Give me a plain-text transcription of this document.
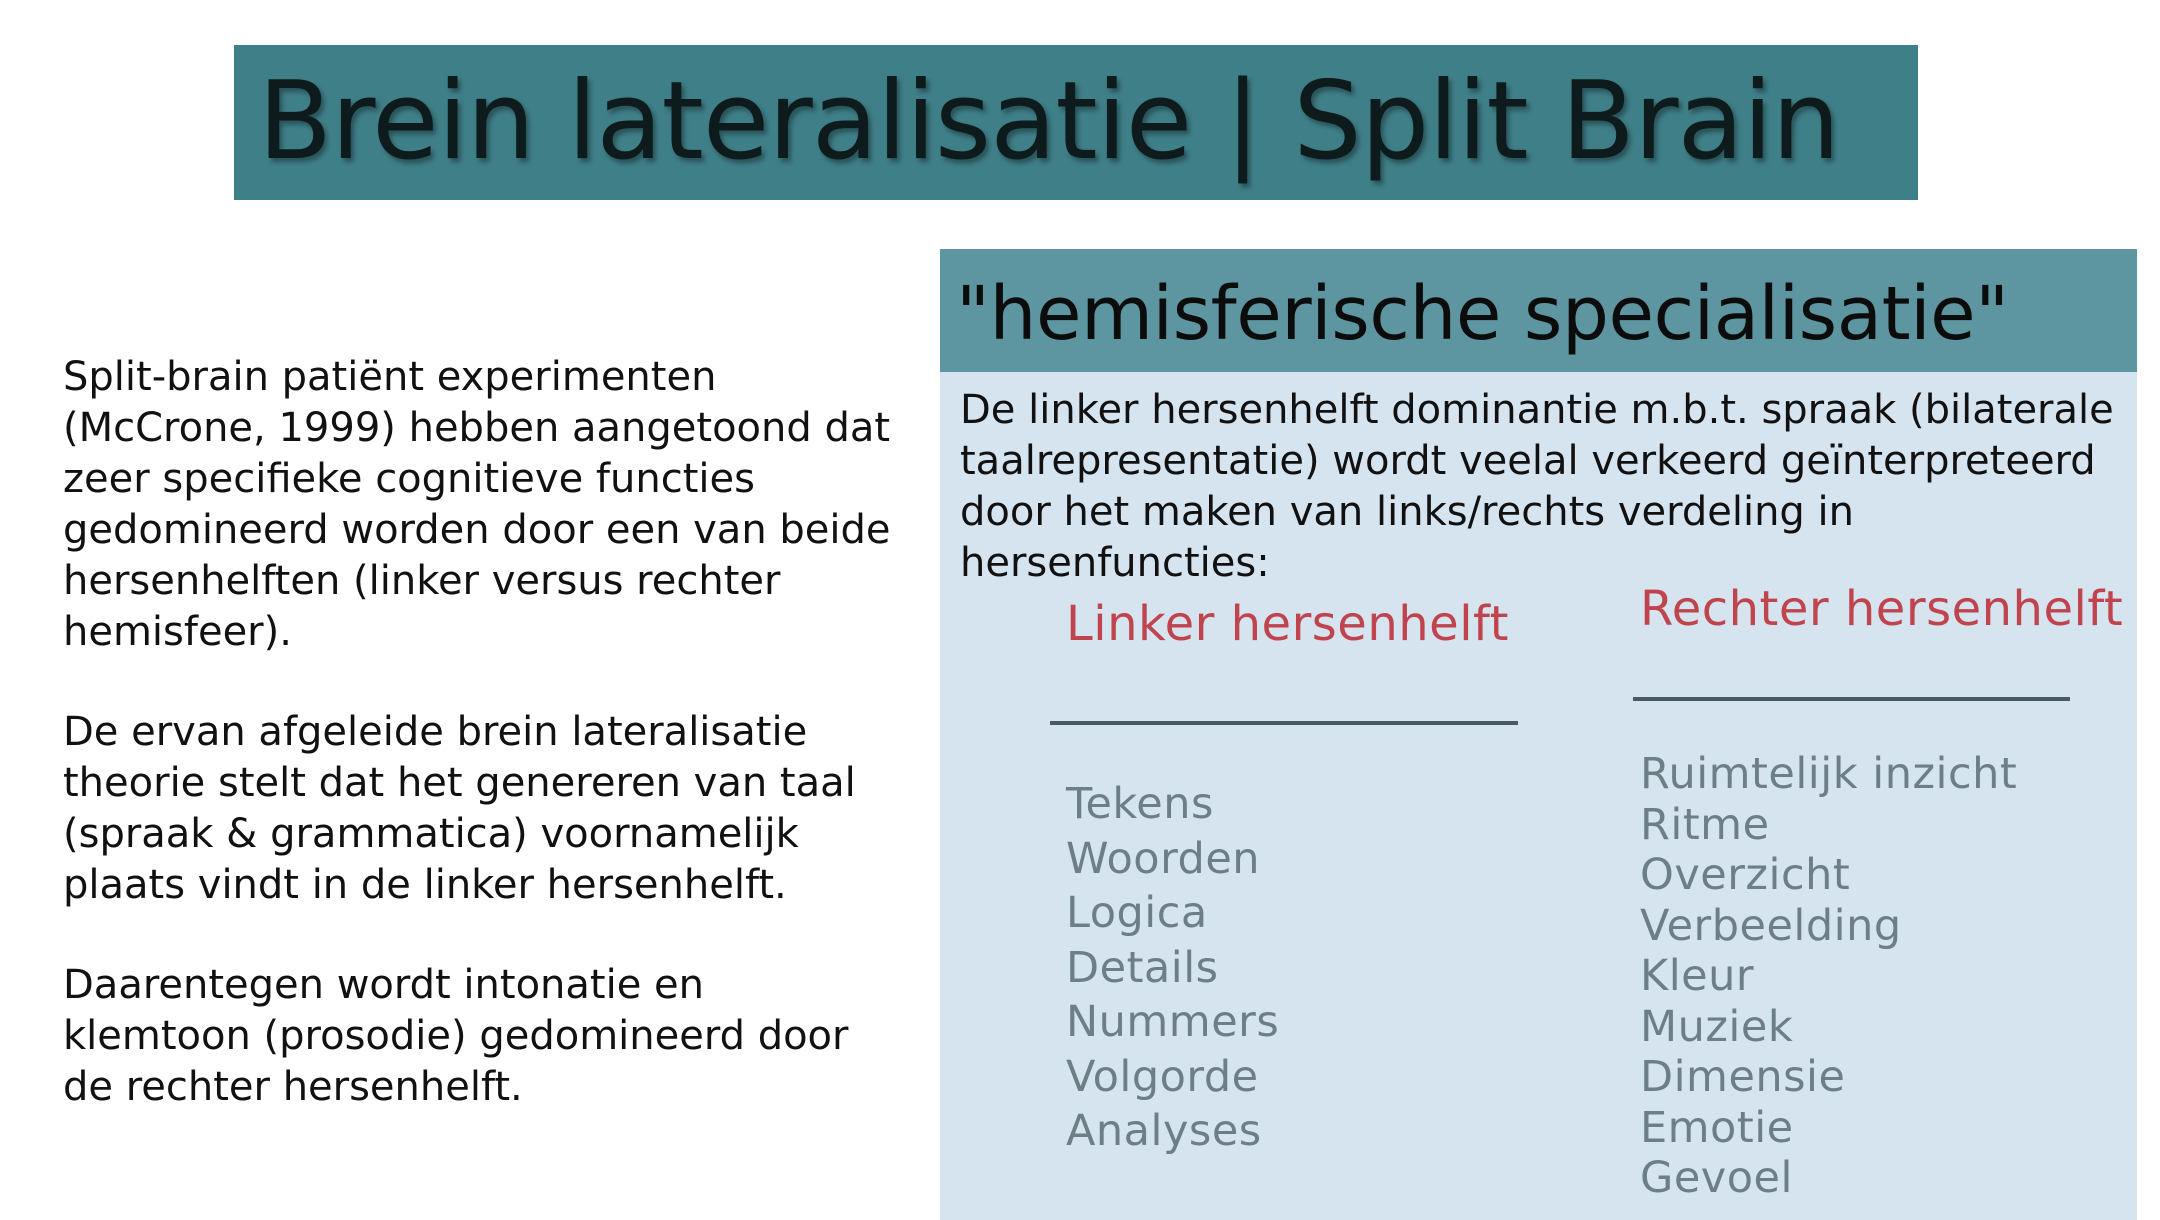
Brein lateralisatie | Split Brain

Split-brain patiënt experimenten (McCrone, 1999) hebben aangetoond dat zeer specifieke cognitieve functies gedomineerd worden door een van beide hersenhelften (linker versus rechter hemisfeer).

De ervan afgeleide brein lateralisatie theorie stelt dat het genereren van taal (spraak & grammatica) voornamelijk plaats vindt in de linker hersenhelft.

Daarentegen wordt intonatie en klemtoon (prosodie) gedomineerd door de rechter hersenhelft.

"hemisferische specialisatie"
De linker hersenhelft dominantie m.b.t. spraak (bilaterale taalrepresentatie) wordt veelal verkeerd geïnterpreteerd door het maken van links/rechts verdeling in hersenfuncties:
Linker hersenhelft
Tekens
Woorden
Logica
Details
Nummers
Volgorde
Analyses
Rechter hersenhelft
Ruimtelijk inzicht
Ritme
Overzicht
Verbeelding
Kleur
Muziek
Dimensie
Emotie
Gevoel
